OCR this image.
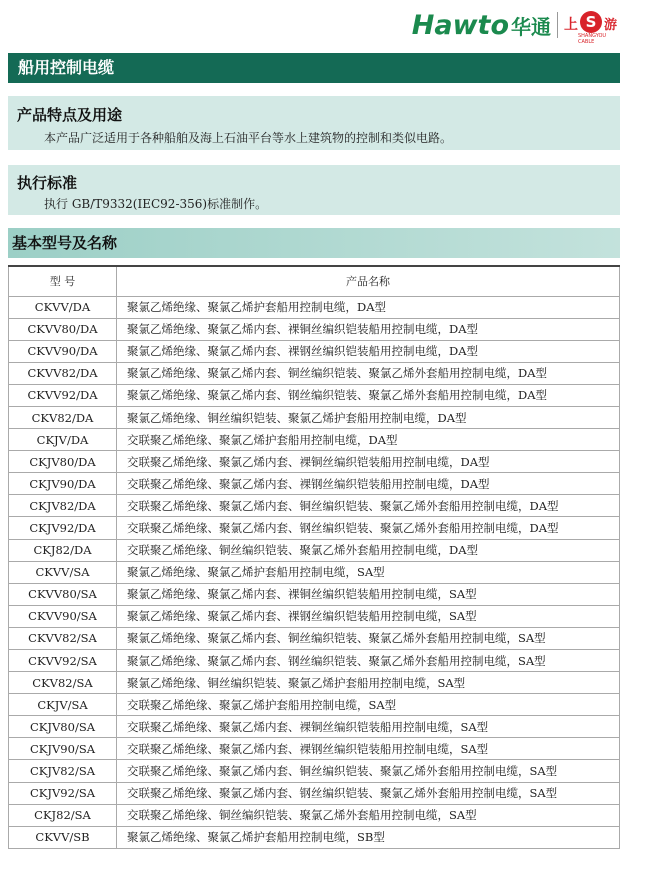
Hawto 华通 上 S 游
SHANGYOU CABLE
船用控制电缆
产品特点及用途
本产品广泛适用于各种船舶及海上石油平台等水上建筑物的控制和类似电路。
执行标准
执行 GB/T9332(IEC92-356)标准制作。
基本型号及名称
型 号	产品名称
CKVV/DA	聚氯乙烯绝缘、聚氯乙烯护套船用控制电缆，DA型
CKVV80/DA	聚氯乙烯绝缘、聚氯乙烯内套、裸铜丝编织铠装船用控制电缆，DA型
CKVV90/DA	聚氯乙烯绝缘、聚氯乙烯内套、裸钢丝编织铠装船用控制电缆，DA型
CKVV82/DA	聚氯乙烯绝缘、聚氯乙烯内套、铜丝编织铠装、聚氯乙烯外套船用控制电缆，DA型
CKVV92/DA	聚氯乙烯绝缘、聚氯乙烯内套、钢丝编织铠装、聚氯乙烯外套船用控制电缆，DA型
CKV82/DA	聚氯乙烯绝缘、铜丝编织铠装、聚氯乙烯护套船用控制电缆，DA型
CKJV/DA	交联聚乙烯绝缘、聚氯乙烯护套船用控制电缆，DA型
CKJV80/DA	交联聚乙烯绝缘、聚氯乙烯内套、裸铜丝编织铠装船用控制电缆，DA型
CKJV90/DA	交联聚乙烯绝缘、聚氯乙烯内套、裸钢丝编织铠装船用控制电缆，DA型
CKJV82/DA	交联聚乙烯绝缘、聚氯乙烯内套、铜丝编织铠装、聚氯乙烯外套船用控制电缆，DA型
CKJV92/DA	交联聚乙烯绝缘、聚氯乙烯内套、钢丝编织铠装、聚氯乙烯外套船用控制电缆，DA型
CKJ82/DA	交联聚乙烯绝缘、铜丝编织铠装、聚氯乙烯外套船用控制电缆，DA型
CKVV/SA	聚氯乙烯绝缘、聚氯乙烯护套船用控制电缆，SA型
CKVV80/SA	聚氯乙烯绝缘、聚氯乙烯内套、裸铜丝编织铠装船用控制电缆，SA型
CKVV90/SA	聚氯乙烯绝缘、聚氯乙烯内套、裸钢丝编织铠装船用控制电缆，SA型
CKVV82/SA	聚氯乙烯绝缘、聚氯乙烯内套、铜丝编织铠装、聚氯乙烯外套船用控制电缆，SA型
CKVV92/SA	聚氯乙烯绝缘、聚氯乙烯内套、钢丝编织铠装、聚氯乙烯外套船用控制电缆，SA型
CKV82/SA	聚氯乙烯绝缘、铜丝编织铠装、聚氯乙烯护套船用控制电缆，SA型
CKJV/SA	交联聚乙烯绝缘、聚氯乙烯护套船用控制电缆，SA型
CKJV80/SA	交联聚乙烯绝缘、聚氯乙烯内套、裸铜丝编织铠装船用控制电缆，SA型
CKJV90/SA	交联聚乙烯绝缘、聚氯乙烯内套、裸钢丝编织铠装船用控制电缆，SA型
CKJV82/SA	交联聚乙烯绝缘、聚氯乙烯内套、铜丝编织铠装、聚氯乙烯外套船用控制电缆，SA型
CKJV92/SA	交联聚乙烯绝缘、聚氯乙烯内套、钢丝编织铠装、聚氯乙烯外套船用控制电缆，SA型
CKJ82/SA	交联聚乙烯绝缘、铜丝编织铠装、聚氯乙烯外套船用控制电缆，SA型
CKVV/SB	聚氯乙烯绝缘、聚氯乙烯护套船用控制电缆，SB型
